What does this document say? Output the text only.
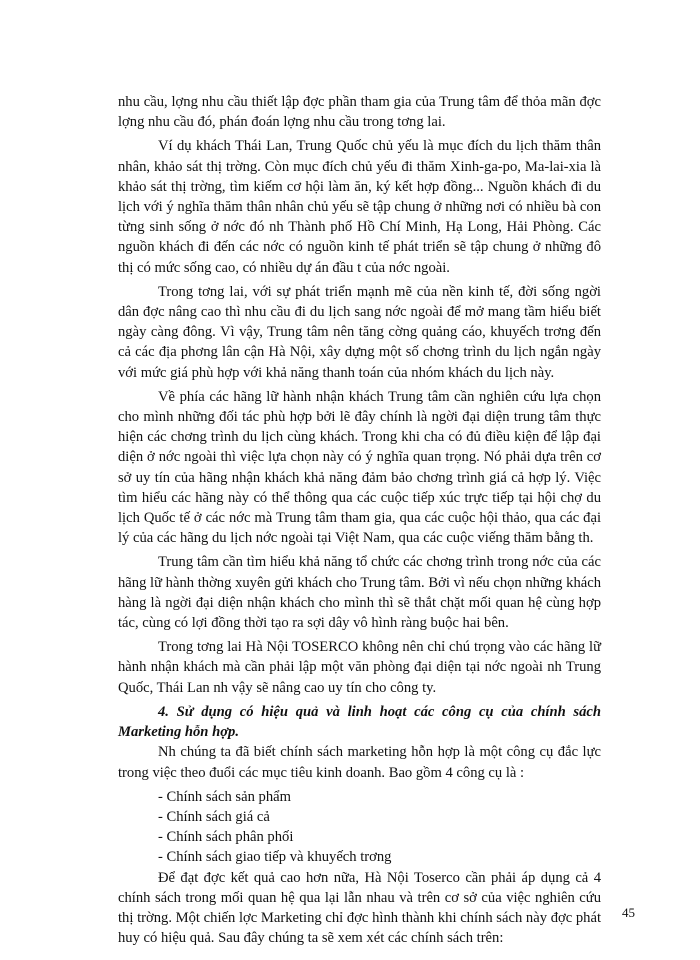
nhu cầu, lợng nhu cầu thiết lập đợc phần tham gia của Trung tâm để thỏa mãn đợc lợng nhu cầu đó, phán đoán lợng nhu cầu trong tơng lai.

Ví dụ khách Thái Lan, Trung Quốc chủ yếu là mục đích du lịch thăm thân nhân, khảo sát thị trờng. Còn mục đích chủ yếu đi thăm Xinh-ga-po, Ma-lai-xia là khảo sát thị trờng, tìm kiếm cơ hội làm ăn, ký kết hợp đồng... Nguồn khách đi du lịch với ý nghĩa thăm thân nhân chủ yếu sẽ tập chung ở những nơi có nhiều bà con từng sinh sống ở nớc đó nh Thành phố Hồ Chí Minh, Hạ Long, Hải Phòng. Các nguồn khách đi đến các nớc có nguồn kinh tế phát triển sẽ tập chung ở những đô thị có mức sống cao, có nhiều dự án đầu t của nớc ngoài.

Trong tơng lai, với sự phát triển mạnh mẽ của nền kinh tế, đời sống ngời dân đợc nâng cao thì nhu cầu đi du lịch sang nớc ngoài để mở mang tầm hiểu biết ngày càng đông. Vì vậy, Trung tâm nên tăng cờng quảng cáo, khuyếch trơng đến cả các địa phơng lân cận Hà Nội, xây dựng một số chơng trình du lịch ngắn ngày với mức giá phù hợp với khả năng thanh toán của nhóm khách du lịch này.

Về phía các hãng lữ hành nhận khách Trung tâm cần nghiên cứu lựa chọn cho mình những đối tác phù hợp bởi lẽ đây chính là ngời đại diện trung tâm thực hiện các chơng trình du lịch cùng khách. Trong khi cha có đủ điều kiện để lập đại diện ở nớc ngoài thì việc lựa chọn này có ý nghĩa quan trọng. Nó phải dựa trên cơ sở uy tín của hãng nhận khách khả năng đảm bảo chơng trình giá cả hợp lý. Việc tìm hiểu các hãng này có thể thông qua các cuộc tiếp xúc trực tiếp tại hội chợ du lịch Quốc tế ở các nớc mà Trung tâm tham gia, qua các cuộc hội thảo, qua các đại lý của các hãng du lịch nớc ngoài tại Việt Nam, qua các cuộc viếng thăm bằng th.

Trung tâm cần tìm hiểu khả năng tổ chức các chơng trình trong nớc của các hãng lữ hành thờng xuyên gửi khách cho Trung tâm. Bởi vì nếu chọn những khách hàng là ngời đại diện nhận khách cho mình thì sẽ thắt chặt mối quan hệ cùng hợp tác, cùng có lợi đồng thời tạo ra sợi dây vô hình ràng buộc hai bên.

Trong tơng lai Hà Nội TOSERCO không nên chỉ chú trọng vào các hãng lữ hành nhận khách mà cần phải lập một văn phòng đại diện tại nớc ngoài nh Trung Quốc, Thái Lan nh vậy sẽ nâng cao uy tín cho công ty.

4. Sử dụng có hiệu quả và linh hoạt các công cụ của chính sách Marketing hỗn hợp.

Nh chúng ta đã biết chính sách marketing hỗn hợp là một công cụ đắc lực trong việc theo đuổi các mục tiêu kinh doanh. Bao gồm 4 công cụ là :

- Chính sách sản phẩm
- Chính sách giá cả
- Chính sách phân phối
- Chính sách giao tiếp và khuyếch trơng

Để đạt đợc kết quả cao hơn nữa, Hà Nội Toserco cần phải áp dụng cả 4 chính sách trong mối quan hệ qua lại lẫn nhau và trên cơ sở của việc nghiên cứu thị trờng. Một chiến lợc Marketing chỉ đợc hình thành khi chính sách này đợc phát huy có hiệu quả. Sau đây chúng ta sẽ xem xét các chính sách trên:

45
